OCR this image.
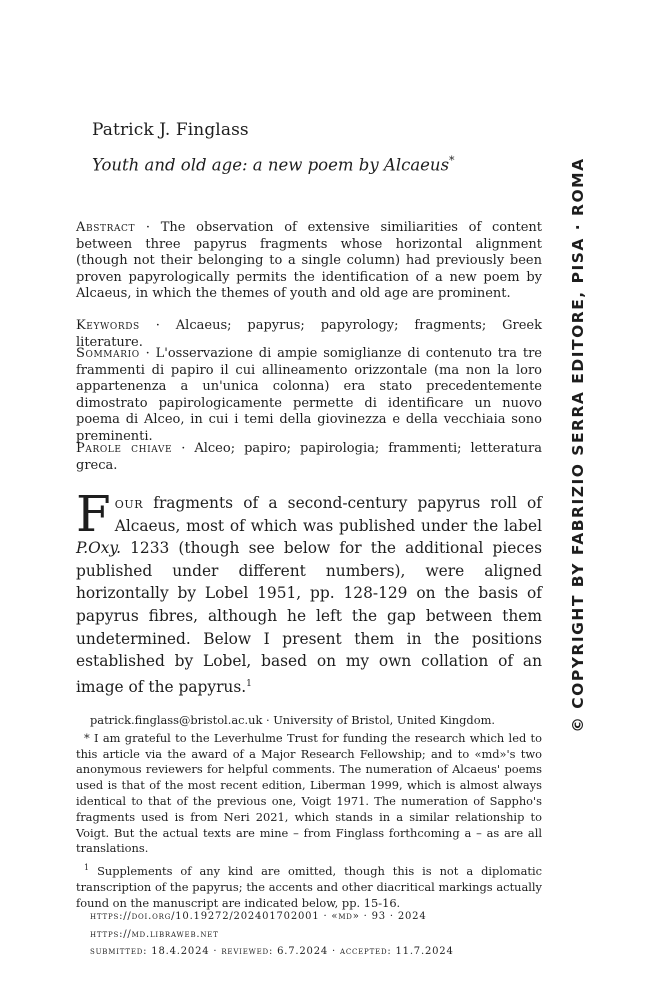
Patrick J. Finglass
Youth and old age: a new poem by Alcaeus*
Abstract · The observation of extensive similiarities of content between three papyrus fragments whose horizontal alignment (though not their belonging to a single column) had previously been proven papyrologically permits the identification of a new poem by Alcaeus, in which the themes of youth and old age are prominent.
Keywords · Alcaeus; papyrus; papyrology; fragments; Greek literature.
Sommario · L'osservazione di ampie somiglianze di contenuto tra tre frammenti di papiro il cui allineamento orizzontale (ma non la loro appartenenza a un'unica colonna) era stato precedentemente dimostrato papirologicamente permette di identificare un nuovo poema di Alceo, in cui i temi della giovinezza e della vecchiaia sono preminenti.
Parole chiave · Alceo; papiro; papirologia; frammenti; letteratura greca.
Four fragments of a second-century papyrus roll of Alcaeus, most of which was published under the label P.Oxy. 1233 (though see below for the additional pieces published under different numbers), were aligned horizontally by Lobel 1951, pp. 128-129 on the basis of papyrus fibres, although he left the gap between them undetermined. Below I present them in the positions established by Lobel, based on my own collation of an image of the papyrus.$^1$

patrick.finglass@bristol.ac.uk · University of Bristol, United Kingdom.

* I am grateful to the Leverhulme Trust for funding the research which led to this article via the award of a Major Research Fellowship; and to «md»'s two anonymous reviewers for helpful comments. The numeration of Alcaeus' poems used is that of the most recent edition, Liberman 1999, which is almost always identical to that of the previous one, Voigt 1971. The numeration of Sappho's fragments used is from Neri 2021, which stands in a similar relationship to Voigt. But the actual texts are mine – from Finglass forthcoming a – as are all translations.

$^1$ Supplements of any kind are omitted, though this is not a diplomatic transcription of the papyrus; the accents and other diacritical markings actually found on the manuscript are indicated below, pp. 15-16.

https://doi.org/10.19272/202401702001 · «md» · 93 · 2024
https://md.libraweb.net
submitted: 18.4.2024 · reviewed: 6.7.2024 · accepted: 11.7.2024
© COPYRIGHT BY FABRIZIO SERRA EDITORE, PISA · ROMA
